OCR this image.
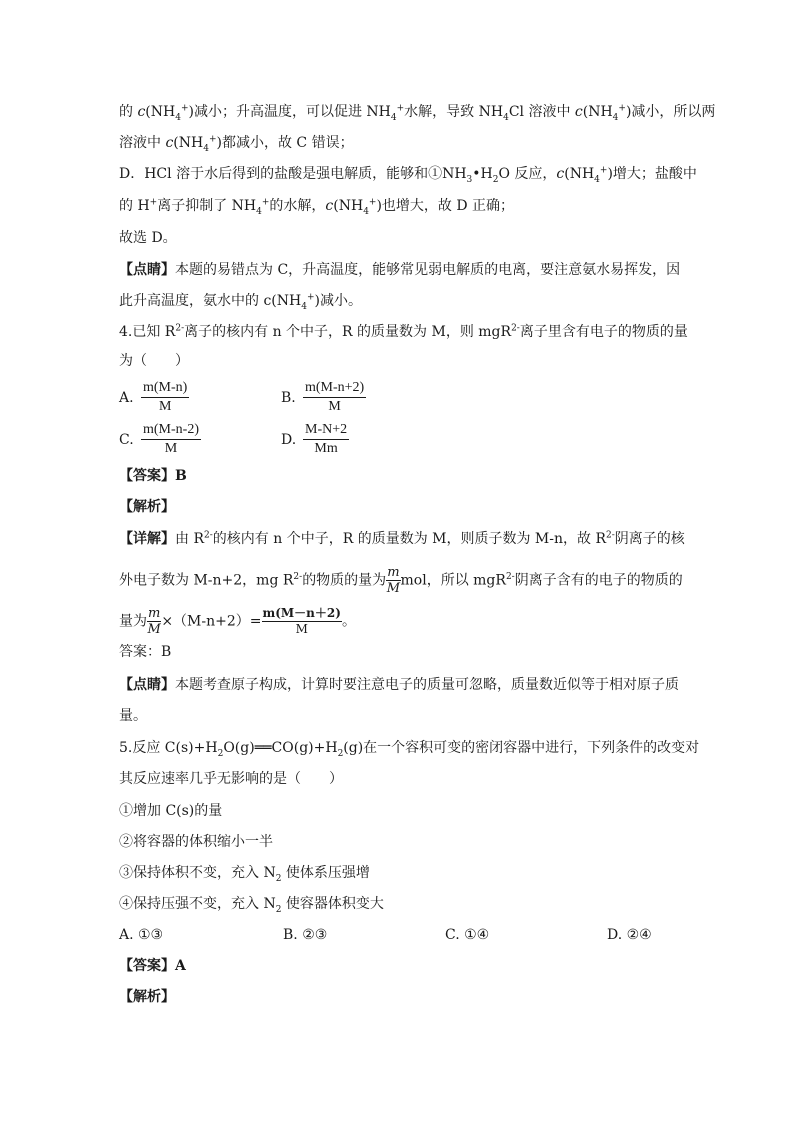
的 $c(NH_4^+)$减小；升高温度，可以促进 $NH_4^+$水解，导致 $NH_4Cl$ 溶液中 $c(NH_4^+)$减小，所以两
溶液中 $c(NH_4^+)$都减小，故 C 错误；
D．HCl 溶于水后得到的盐酸是强电解质，能够和$①NH_3•H_2O$ 反应，$c(NH_4^+)$增大；盐酸中
的 H+离子抑制了 $NH_4^+$的水解，$c(NH_4^+)$也增大，故 D 正确；
故选 D。
【点睛】本题的易错点为 C，升高温度，能够常见弱电解质的电离，要注意氨水易挥发，因
此升高温度，氨水中的 $c(NH_4^+)$减小。
4.已知 $R^{2-}$离子的核内有 n 个中子，R 的质量数为 M，则 mgR$^{2-}$离子里含有电子的物质的量
为（　　）
A. $\frac{m(M-n)}{M}$	B. $\frac{m(M-n+2)}{M}$
C. $\frac{m(M-n-2)}{M}$	D. $\frac{M-N+2}{Mm}$
【答案】B
【解析】
【详解】由 $R^{2-}$的核内有 n 个中子，R 的质量数为 M，则质子数为 M-n，故 $R^{2-}$阴离子的核
外电子数为 M-n+2，mg $R^{2-}$的物质的量为 $\frac{m}{M}$ mol，所以 mgR$^{2-}$阴离子含有的电子的物质的
量为 $\frac{m}{M} \times(M-n+2)= \frac{m(M-n+2)}{M}$ 。
答案：B
【点睛】本题考查原子构成，计算时要注意电子的质量可忽略，质量数近似等于相对原子质
量。
5.反应 $C(s)+H_2O(g)══CO(g)+H_2(g)$在一个容积可变的密闭容器中进行，下列条件的改变对
其反应速率几乎无影响的是（　　）
①增加 C(s)的量
②将容器的体积缩小一半
③保持体积不变，充入 $N_2$ 使体系压强增
④保持压强不变，充入 $N_2$ 使容器体积变大
A. ①③	B. ②③	C. ①④	D. ②④
【答案】A
【解析】
